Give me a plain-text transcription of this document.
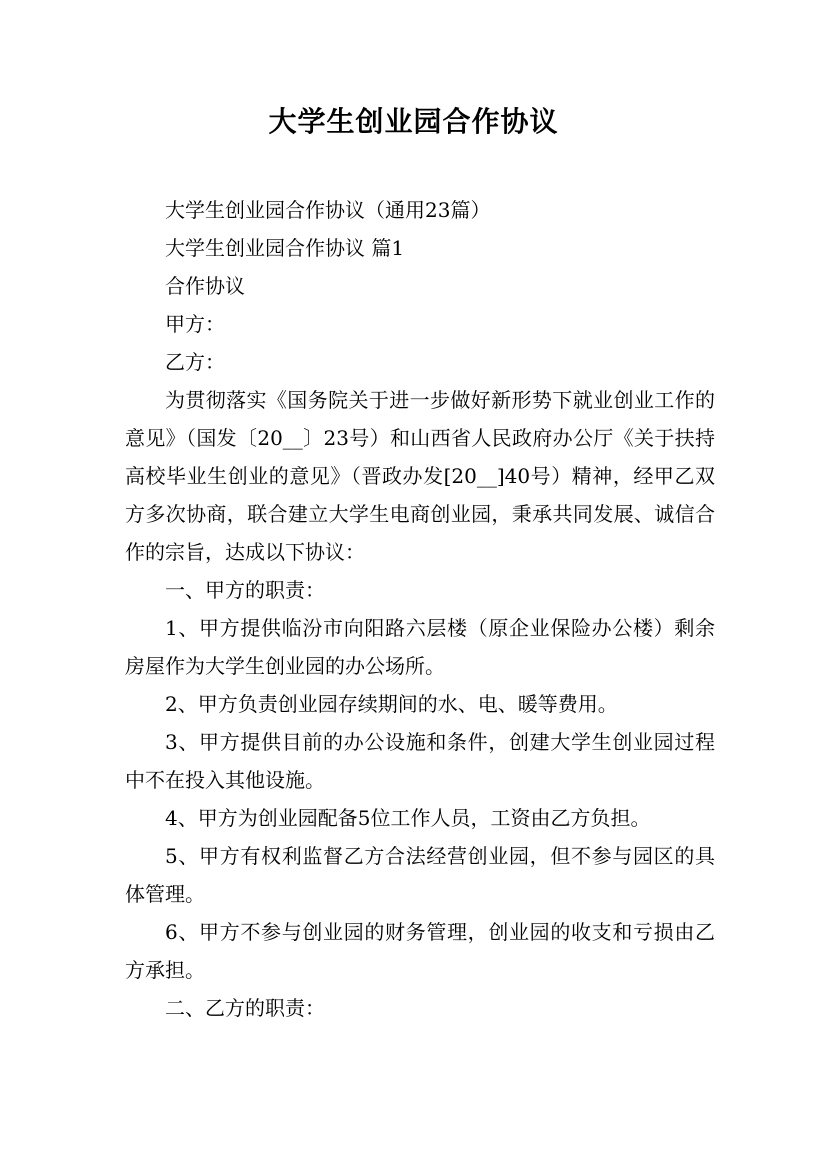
大学生创业园合作协议

大学生创业园合作协议（通用23篇）

大学生创业园合作协议 篇1

合作协议

甲方：

乙方：

为贯彻落实《国务院关于进一步做好新形势下就业创业工作的意见》（国发〔20__〕23号）和山西省人民政府办公厅《关于扶持高校毕业生创业的意见》（晋政办发[20__]40号）精神，经甲乙双方多次协商，联合建立大学生电商创业园，秉承共同发展、诚信合作的宗旨，达成以下协议：

一、甲方的职责：

1、甲方提供临汾市向阳路六层楼（原企业保险办公楼）剩余房屋作为大学生创业园的办公场所。

2、甲方负责创业园存续期间的水、电、暖等费用。

3、甲方提供目前的办公设施和条件，创建大学生创业园过程中不在投入其他设施。

4、甲方为创业园配备5位工作人员，工资由乙方负担。

5、甲方有权利监督乙方合法经营创业园，但不参与园区的具体管理。

6、甲方不参与创业园的财务管理，创业园的收支和亏损由乙方承担。

二、乙方的职责：
